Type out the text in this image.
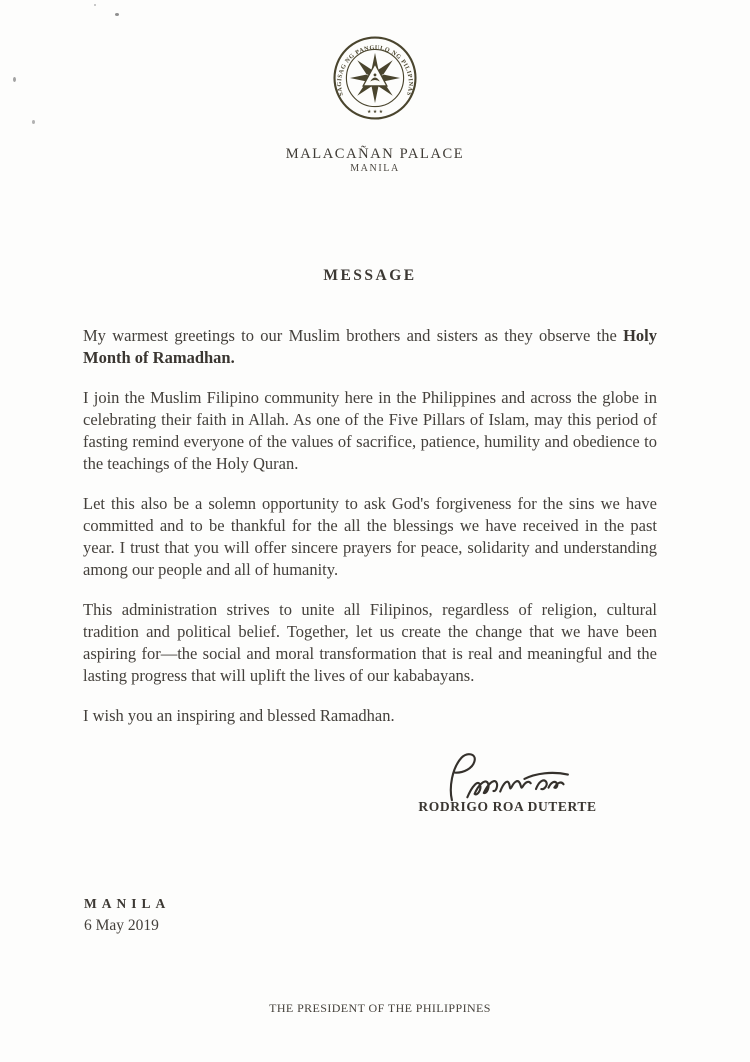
SAGISAG NG PANGULO NG PILIPINAS
★ ★ ★
MALACAÑAN PALACE
MANILA
MESSAGE

My warmest greetings to our Muslim brothers and sisters as they observe the Holy Month of Ramadhan.

I join the Muslim Filipino community here in the Philippines and across the globe in celebrating their faith in Allah. As one of the Five Pillars of Islam, may this period of fasting remind everyone of the values of sacrifice, patience, humility and obedience to the teachings of the Holy Quran.

Let this also be a solemn opportunity to ask God's forgiveness for the sins we have committed and to be thankful for the all the blessings we have received in the past year. I trust that you will offer sincere prayers for peace, solidarity and understanding among our people and all of humanity.

This administration strives to unite all Filipinos, regardless of religion, cultural tradition and political belief. Together, let us create the change that we have been aspiring for—the social and moral transformation that is real and meaningful and the lasting progress that will uplift the lives of our kababayans.

I wish you an inspiring and blessed Ramadhan.

RODRIGO ROA DUTERTE
MANILA
6 May 2019
THE PRESIDENT OF THE PHILIPPINES
